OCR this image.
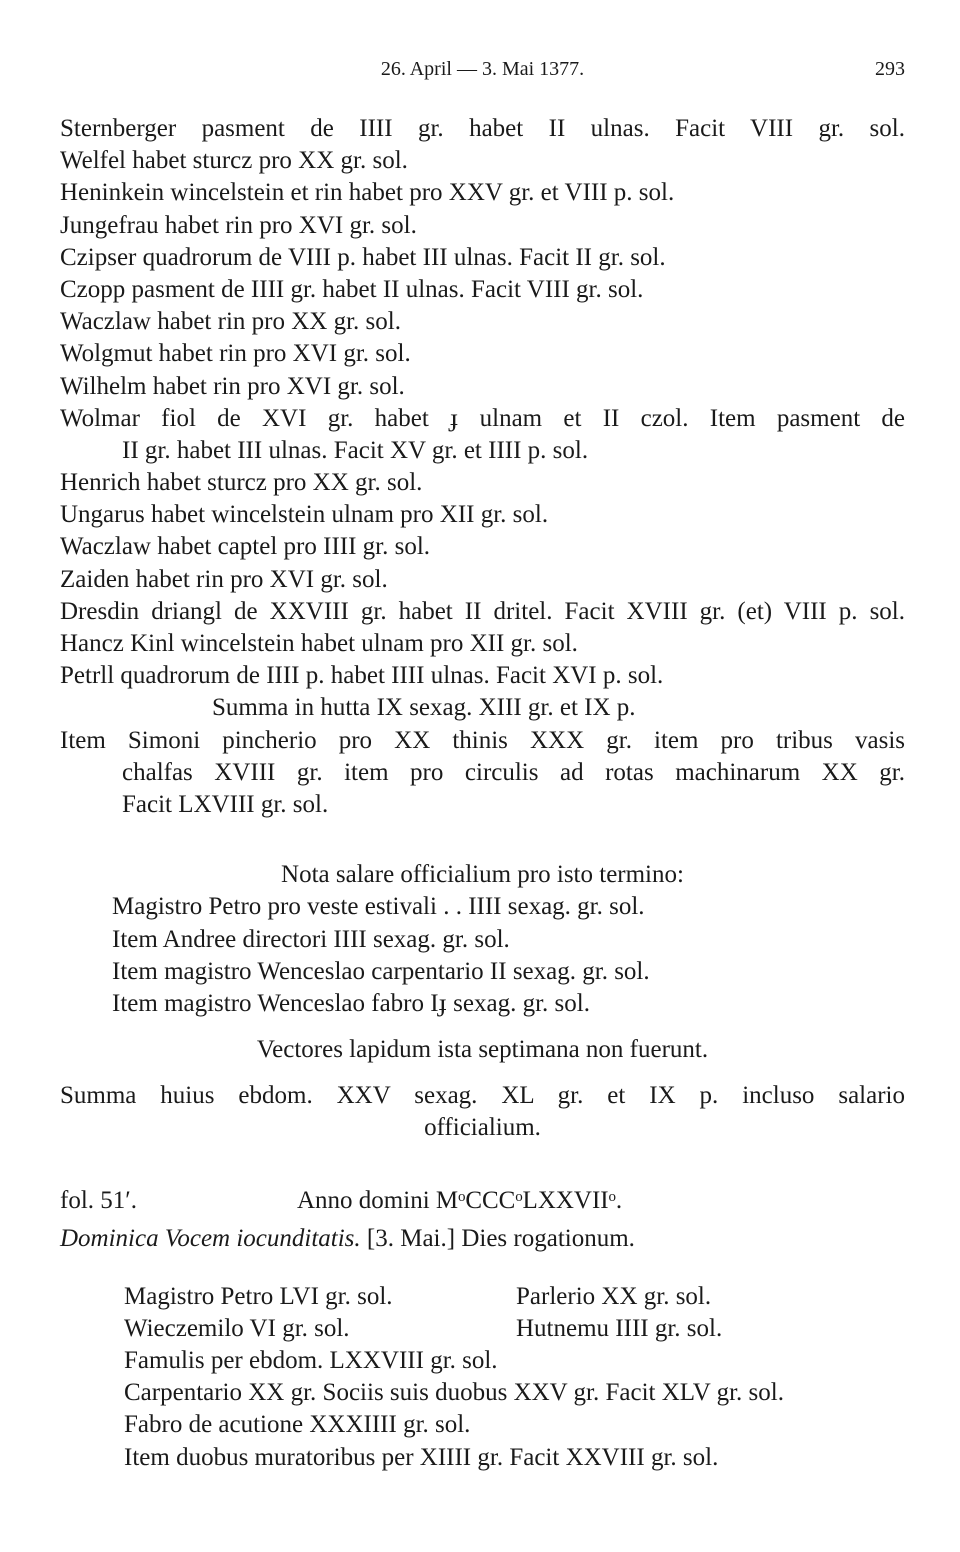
26. April — 3. Mai 1377.	293
Sternberger pasment de IIII gr. habet II ulnas. Facit VIII gr. sol.
Welfel habet sturcz pro XX gr. sol.
Heninkein wincelstein et rin habet pro XXV gr. et VIII p. sol.
Jungefrau habet rin pro XVI gr. sol.
Czipser quadrorum de VIII p. habet III ulnas. Facit II gr. sol.
Czopp pasment de IIII gr. habet II ulnas. Facit VIII gr. sol.
Waczlaw habet rin pro XX gr. sol.
Wolgmut habet rin pro XVI gr. sol.
Wilhelm habet rin pro XVI gr. sol.
Wolmar fiol de XVI gr. habet ɟ ulnam et II czol. Item pasment de
II gr. habet III ulnas. Facit XV gr. et IIII p. sol.
Henrich habet sturcz pro XX gr. sol.
Ungarus habet wincelstein ulnam pro XII gr. sol.
Waczlaw habet captel pro IIII gr. sol.
Zaiden habet rin pro XVI gr. sol.
Dresdin driangl de XXVIII gr. habet II dritel. Facit XVIII gr. (et) VIII p. sol.
Hancz Kinl wincelstein habet ulnam pro XII gr. sol.
Petrll quadrorum de IIII p. habet IIII ulnas. Facit XVI p. sol.
Summa in hutta IX sexag. XIII gr. et IX p.
Item Simoni pincherio pro XX thinis XXX gr. item pro tribus vasis
chalfas XVIII gr. item pro circulis ad rotas machinarum XX gr.
Facit LXVIII gr. sol.
Nota salare officialium pro isto termino:
Magistro Petro pro veste estivali . . IIII sexag. gr. sol.
Item Andree directori IIII sexag. gr. sol.
Item magistro Wenceslao carpentario II sexag. gr. sol.
Item magistro Wenceslao fabro Iɟ sexag. gr. sol.
Vectores lapidum ista septimana non fuerunt.
Summa huius ebdom. XXV sexag. XL gr. et IX p. incluso salario
officialium.
fol. 51′.	Anno domini MᵒCCCᵒLXXVIIᵒ.
Dominica Vocem iocunditatis. [3. Mai.] Dies rogationum.
Magistro Petro LVI gr. sol.	Parlerio XX gr. sol.
Wieczemilo VI gr. sol.	Hutnemu IIII gr. sol.
Famulis per ebdom. LXXVIII gr. sol.
Carpentario XX gr. Sociis suis duobus XXV gr. Facit XLV gr. sol.
Fabro de acutione XXXIIII gr. sol.
Item duobus muratoribus per XIIII gr. Facit XXVIII gr. sol.
